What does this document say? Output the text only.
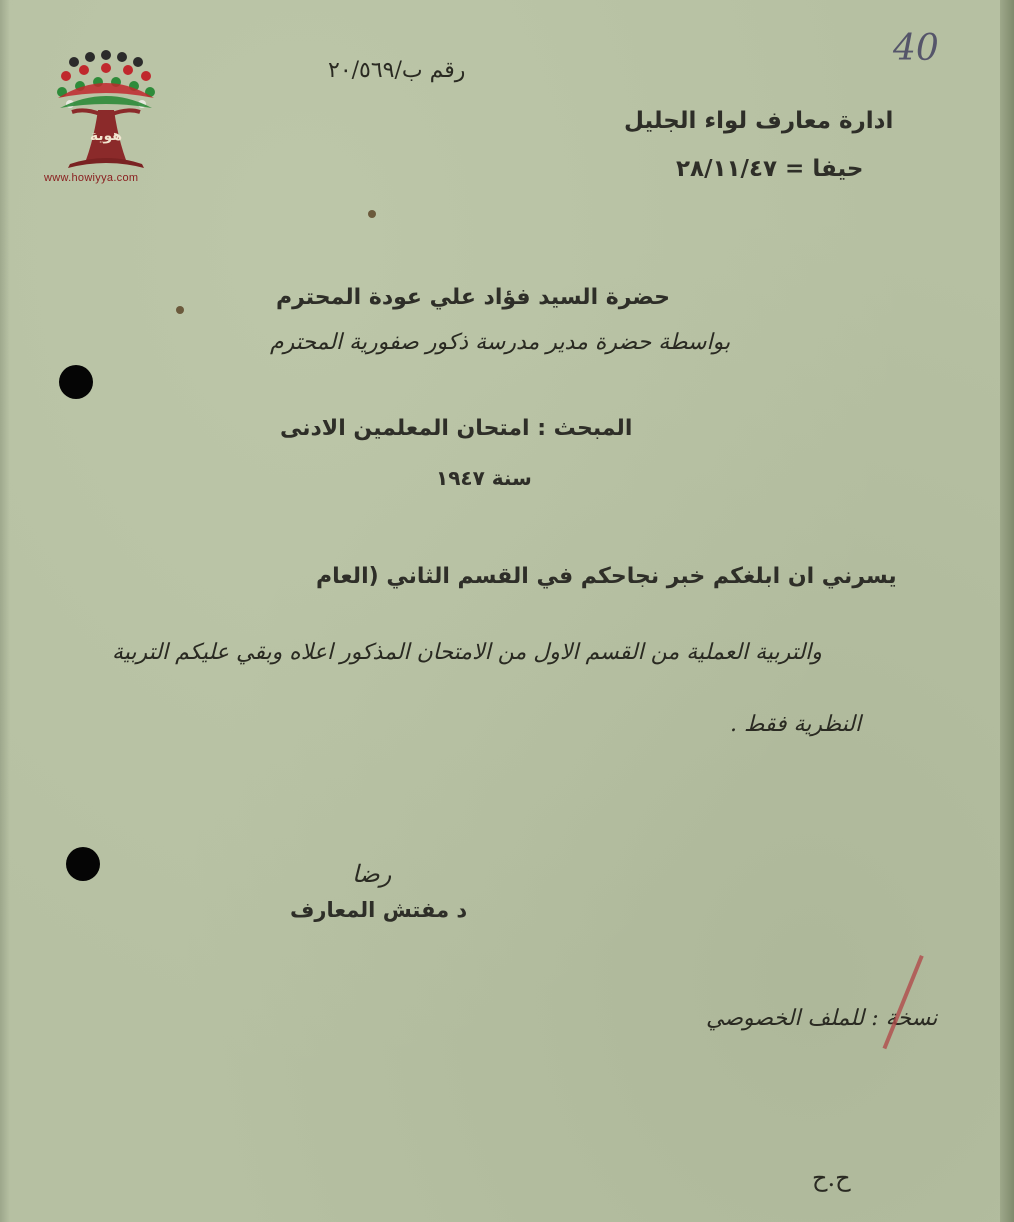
هوية
www.howiyya.com
40
رقم ب/٢٠/٥٦٩
ادارة معارف لواء الجليل
حيفا = ٢٨/١١/٤٧
حضرة السيد فؤاد علي عودة المحترم
بواسطة حضرة مدير مدرسة ذكور صفورية المحترم
المبحث : امتحان المعلمين الادنى
سنة ١٩٤٧
يسرني ان ابلغكم خبر نجاحكم في القسم الثاني (العام
والتربية العملية من القسم الاول من الامتحان المذكور اعلاه وبقي عليكم التربية
النظرية فقط .
رضا
د مفتش المعارف
نسخة : للملف الخصوصي
ح.ح
